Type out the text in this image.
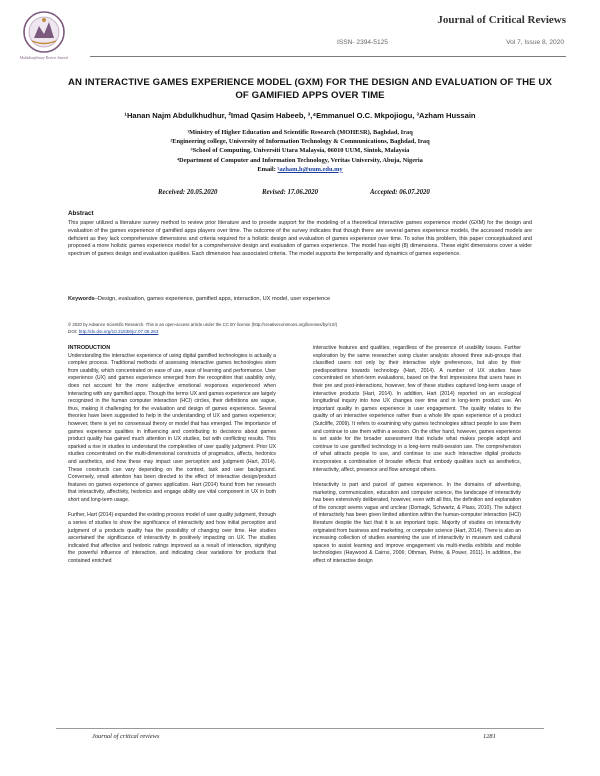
Multidisciplinary Review Journal
Journal of Critical Reviews
ISSN- 2394-5125	Vol 7, Issue 8, 2020
AN INTERACTIVE GAMES EXPERIENCE MODEL (GXM) FOR THE DESIGN AND EVALUATION OF THE UX OF GAMIFIED APPS OVER TIME
¹Hanan Najm Abdulkhudhur, ²Imad Qasim Habeeb, ³,⁴Emmanuel O.C. Mkpojiogu, ³Azham Hussain
¹Ministry of Higher Education and Scientific Research (MOHESR), Baghdad, Iraq
²Engineering college, University of Information Technology & Communications, Baghdad, Iraq
³School of Computing, Universiti Utara Malaysia, 06010 UUM, Sintok, Malaysia
⁴Department of Computer and Information Technology, Veritas University, Abuja, Nigeria
Email: ³azham.h@uum.edu.my
Received: 20.05.2020	Revised: 17.06.2020	Accepted: 06.07.2020
Abstract
This paper utilized a literature survey method to review prior literature and to provide support for the modeling of a theoretical interactive games experience model (GXM) for the design and evaluation of the games experience of gamified apps players over time. The outcome of the survey indicates that though there are several games experience models, the accessed models are deficient as they lack comprehensive dimensions and criteria required for a holistic design and evaluation of games experience over time. To solve this problem, this paper conceptualized and proposed a more holistic games experience model for a comprehensive design and evaluation of games experience. The model has eight (8) dimensions. These eight dimensions cover a wider spectrum of games design and evaluation qualities. Each dimension has associated criteria. The model supports the temporality and dynamics of games experience.
Keywords–Design, evaluation, games experience, gamified apps, interaction, UX model, user experience
© 2020 by Advance Scientific Research. This is an open-access article under the CC BY license (http://creativecommons.org/licenses/by/4.0/)
DOI: http://dx.doi.org/10.31838/jcr.07.08.263
INTRODUCTION

Understanding the interactive experience of using digital gamified technologies is actually a complex process. Traditional methods of assessing interactive games technologies stem from usability, which concentrated on ease of use, ease of learning and performance. User experience (UX) and games experience emerged from the recognition that usability only, does not account for the more subjective emotional responses experienced when interacting with any gamified apps. Though the terms UX and games experience are largely recognized in the human computer interaction (HCI) circles, their definitions are vague, thus, making it challenging for the evaluation and design of games experience. Several theories have been suggested to help in the understanding of UX and games experience; however, there is yet no consensual theory or model that has emerged. The importance of games experience qualities in influencing and contributing to decisions about games product quality has gained much attention in UX studies, but with conflicting results. This sparked a rise in studies to understand the complexities of user quality judgment. Prior UX studies concentrated on the multi-dimensional constructs of pragmatics, affects, hedonics and aesthetics, and how these may impact user perception and judgment (Hart, 2014). These constructs can vary depending on the context, task and user background. Conversely, small attention has been directed to the effect of interactive design/product features on games experience of games application. Hart (2014) found from her research that interactivity, affectivity, hedonics and engage ability are vital component in UX in both short and long-term usage.

Further, Hart (2014) expanded the existing process model of user quality judgment, through a series of studies to show the significance of interactivity and how initial perception and judgment of a products quality has the possibility of changing over time. Her studies ascertained the significance of interactivity in positively impacting on UX. The studies indicated that affective and hedonic ratings improved as a result of interaction, signifying the powerful influence of interaction, and indicating clear variations for products that contained enriched

interactive features and qualities, regardless of the presence of usability issues. Further exploration by the same researcher using cluster analysis showed three sub-groups that classified users not only by their interactive style preferences, but also by their predispositions towards technology (Hart, 2014). A number of UX studies have concentrated on short-term evaluations, based on the first impressions that users have in their pre and post-interactions, however, few of these studies captured long-term usage of interactive products (Hart, 2014). In addition, Hart (2014) reported on an ecological longitudinal inquiry into how UX changes over time and in long-term product use. An important quality in games experience is user engagement. The quality relates to the quality of an interactive experience rather than a whole life span experience of a product (Sutcliffe, 2009). It refers to examining why games technologies attract people to use them and continue to use them within a session. On the other hand, however, games experience is set aside for the broader assessment that include what makes people adopt and continue to use gamified technology in a long-term multi-session use. The comprehension of what attracts people to use, and continue to use such interactive digital products incorporates a combination of broader effects that embody qualities such as aesthetics, interactivity, affect, presence and flow amongst others.

Interactivity is part and parcel of games experience. In the domains of advertising, marketing, communication, education and computer science, the landscape of interactivity has been extensively deliberated, however, even with all this, the definition and explanation of the concept seems vague and unclear (Domagk, Schwartz, & Plass, 2010). The subject of interactivity has been given limited attention within the human-computer interaction (HCI) literature despite the fact that it is an important topic. Majority of studies on interactivity originated from business and marketing, or computer science (Hart, 2014). There is also an increasing collection of studies examining the use of interactivity in museum and cultural spaces to assist learning and improve engagement via multi-media exhibits and mobile technologies (Haywood & Cairns, 2006; Othman, Petrie, & Power, 2011). In addition, the effect of interactive design

Journal of critical reviews	1281
